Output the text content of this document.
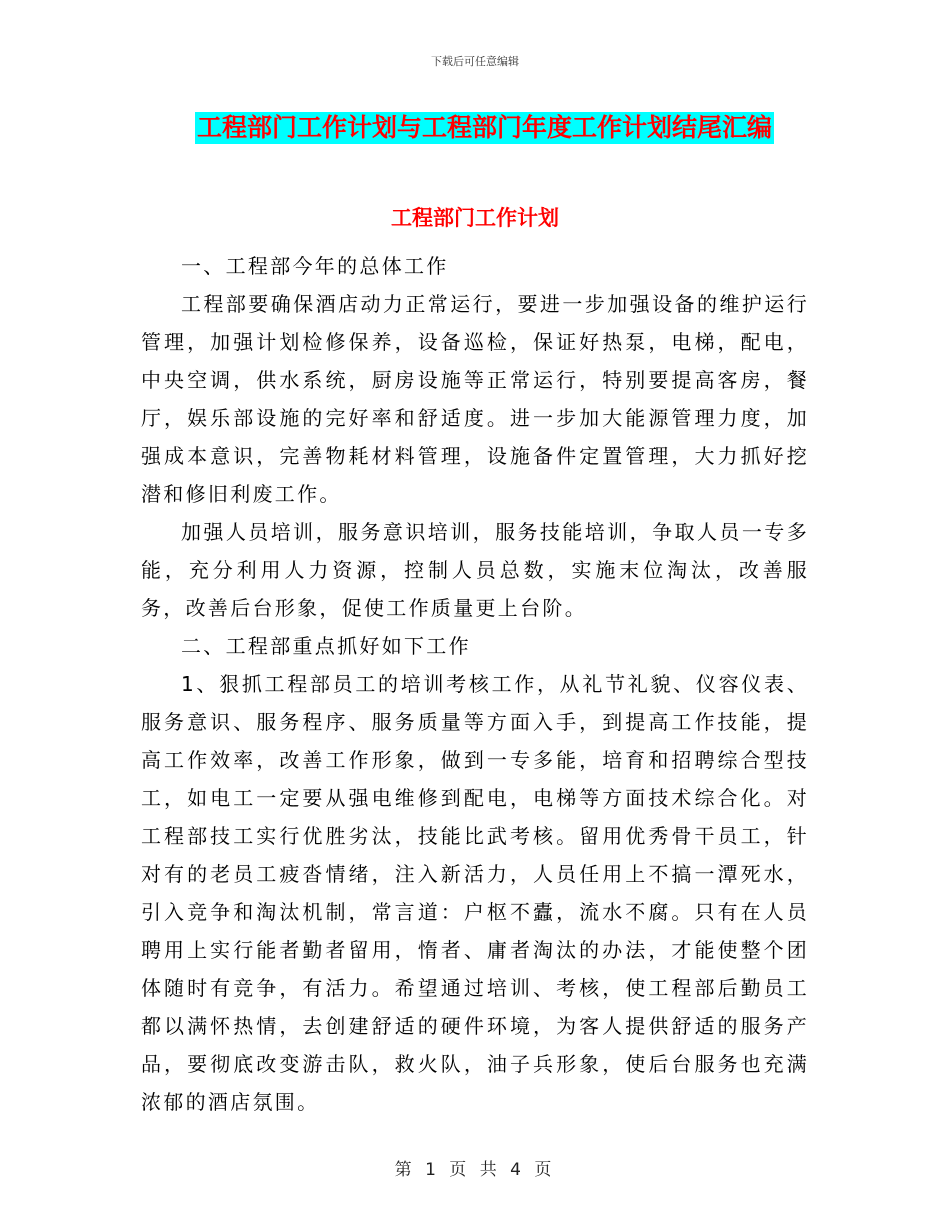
下载后可任意编辑
工程部门工作计划与工程部门年度工作计划结尾汇编
工程部门工作计划

一、工程部今年的总体工作

工程部要确保酒店动力正常运行，要进一步加强设备的维护运行管理，加强计划检修保养，设备巡检，保证好热泵，电梯，配电，中央空调，供水系统，厨房设施等正常运行，特别要提高客房，餐厅，娱乐部设施的完好率和舒适度。进一步加大能源管理力度，加强成本意识，完善物耗材料管理，设施备件定置管理，大力抓好挖潜和修旧利废工作。

加强人员培训，服务意识培训，服务技能培训，争取人员一专多能，充分利用人力资源，控制人员总数，实施末位淘汰，改善服务，改善后台形象，促使工作质量更上台阶。

二、工程部重点抓好如下工作

1、狠抓工程部员工的培训考核工作，从礼节礼貌、仪容仪表、服务意识、服务程序、服务质量等方面入手，到提高工作技能，提高工作效率，改善工作形象，做到一专多能，培育和招聘综合型技工，如电工一定要从强电维修到配电，电梯等方面技术综合化。对工程部技工实行优胜劣汰，技能比武考核。留用优秀骨干员工，针对有的老员工疲沓情绪，注入新活力，人员任用上不搞一潭死水，引入竞争和淘汰机制，常言道：户枢不蠹，流水不腐。只有在人员聘用上实行能者勤者留用，惰者、庸者淘汰的办法，才能使整个团体随时有竞争，有活力。希望通过培训、考核，使工程部后勤员工都以满怀热情，去创建舒适的硬件环境，为客人提供舒适的服务产品，要彻底改变游击队，救火队，油子兵形象，使后台服务也充满浓郁的酒店氛围。

第 1 页 共 4 页
